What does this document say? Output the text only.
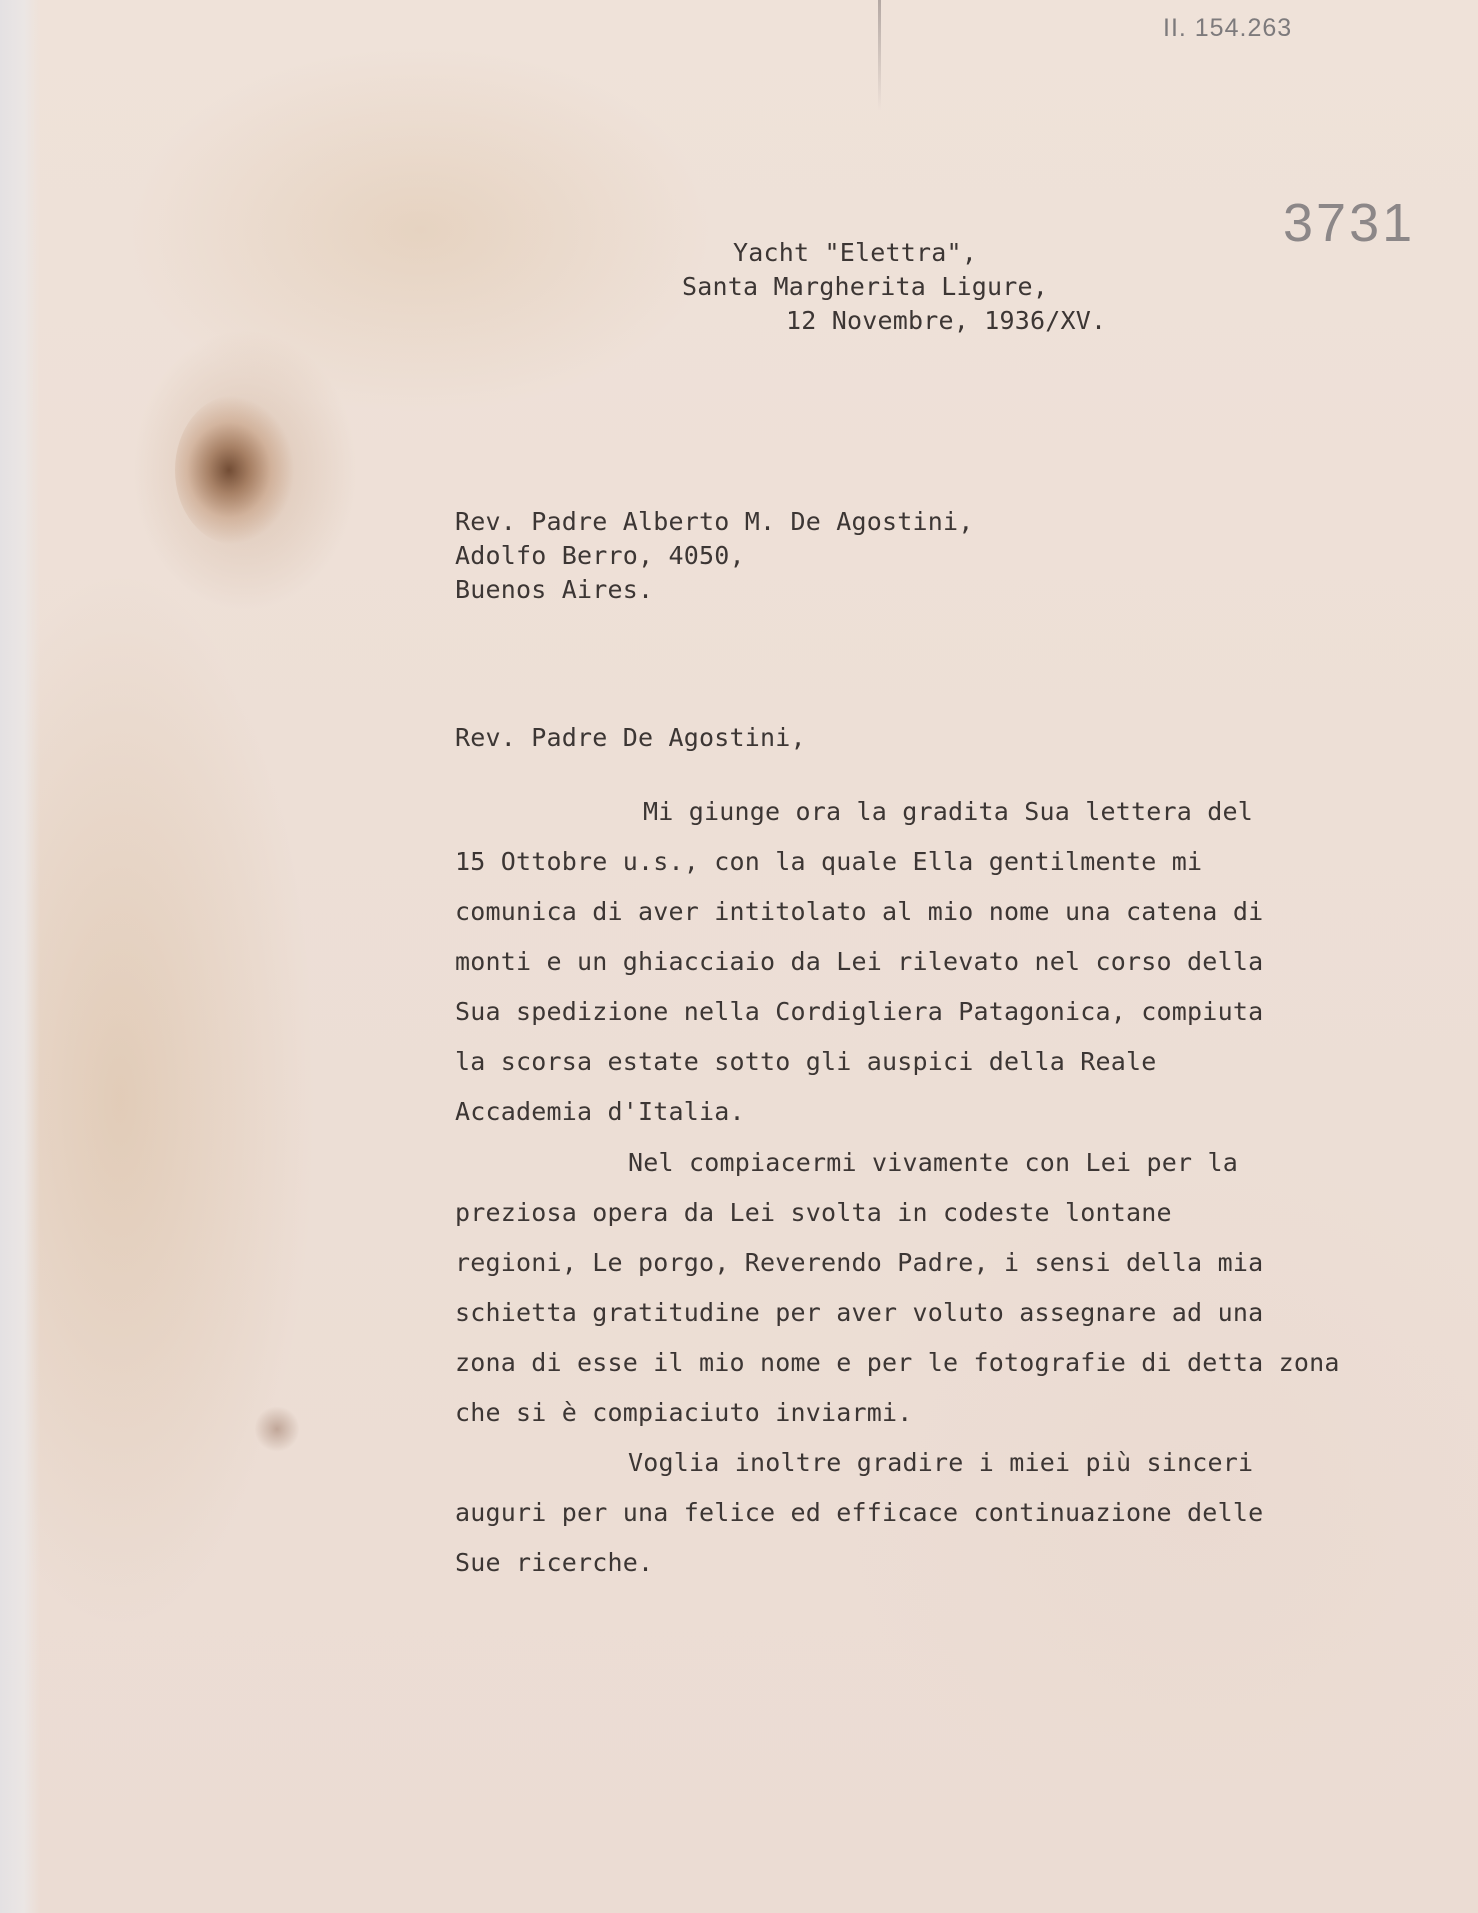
II. 154.263
3731
Yacht "Elettra",
Santa Margherita Ligure,
12 Novembre, 1936/XV.
Rev. Padre Alberto M. De Agostini,
Adolfo Berro, 4050,
Buenos Aires.
Rev. Padre De Agostini,
Mi giunge ora la gradita Sua lettera del
15 Ottobre u.s., con la quale Ella gentilmente mi
comunica di aver intitolato al mio nome una catena di
monti e un ghiacciaio da Lei rilevato nel corso della
Sua spedizione nella Cordigliera Patagonica, compiuta
la scorsa estate sotto gli auspici della Reale
Accademia d'Italia.
Nel compiacermi vivamente con Lei per la
preziosa opera da Lei svolta in codeste lontane
regioni, Le porgo, Reverendo Padre, i sensi della mia
schietta gratitudine per aver voluto assegnare ad una
zona di esse il mio nome e per le fotografie di detta zona
che si è compiaciuto inviarmi.
Voglia inoltre gradire i miei più sinceri
auguri per una felice ed efficace continuazione delle
Sue ricerche.
